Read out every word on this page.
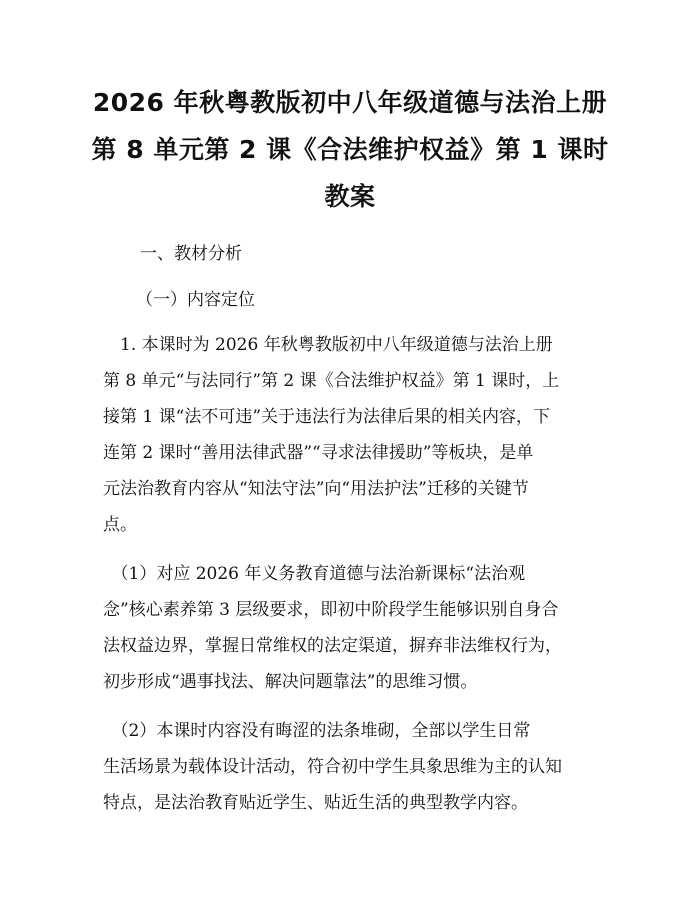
2026 年秋粤教版初中八年级道德与法治上册
第 8 单元第 2 课《合法维护权益》第 1 课时
教案
一、教材分析
（一）内容定位
　1. 本课时为 2026 年秋粤教版初中八年级道德与法治上册
第 8 单元“与法同行”第 2 课《合法维护权益》第 1 课时，上
接第 1 课“法不可违”关于违法行为法律后果的相关内容，下
连第 2 课时“善用法律武器”“寻求法律援助”等板块，是单
元法治教育内容从“知法守法”向“用法护法”迁移的关键节
点。
　（1）对应 2026 年义务教育道德与法治新课标“法治观
念”核心素养第 3 层级要求，即初中阶段学生能够识别自身合
法权益边界，掌握日常维权的法定渠道，摒弃非法维权行为，
初步形成“遇事找法、解决问题靠法”的思维习惯。
　（2）本课时内容没有晦涩的法条堆砌，全部以学生日常
生活场景为载体设计活动，符合初中学生具象思维为主的认知
特点，是法治教育贴近学生、贴近生活的典型教学内容。
